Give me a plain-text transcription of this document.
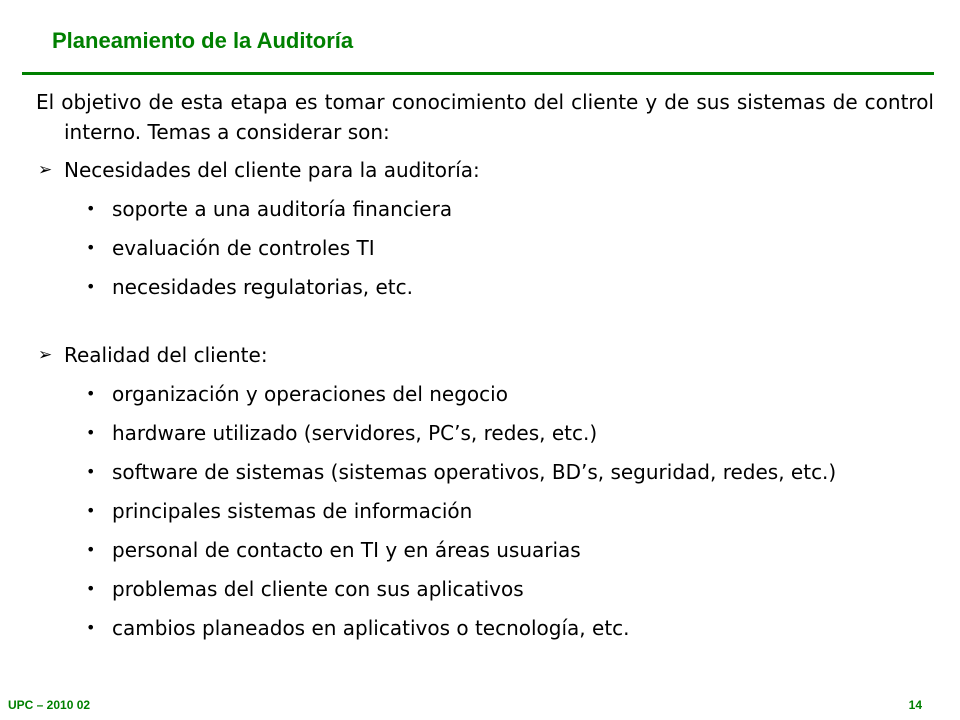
Planeamiento de la Auditoría

El objetivo de esta etapa es tomar conocimiento del cliente y de sus sistemas de control interno. Temas a considerar son:

➢ Necesidades del cliente para la auditoría:
• soporte a una auditoría financiera
• evaluación de controles TI
• necesidades regulatorias, etc.
➢ Realidad del cliente:
• organización y operaciones del negocio
• hardware utilizado (servidores, PC’s, redes, etc.)
• software de sistemas (sistemas operativos, BD’s, seguridad, redes, etc.)
• principales sistemas de información
• personal de contacto en TI y en áreas usuarias
• problemas del cliente con sus aplicativos
• cambios planeados en aplicativos o tecnología, etc.
UPC – 2010 02	14
